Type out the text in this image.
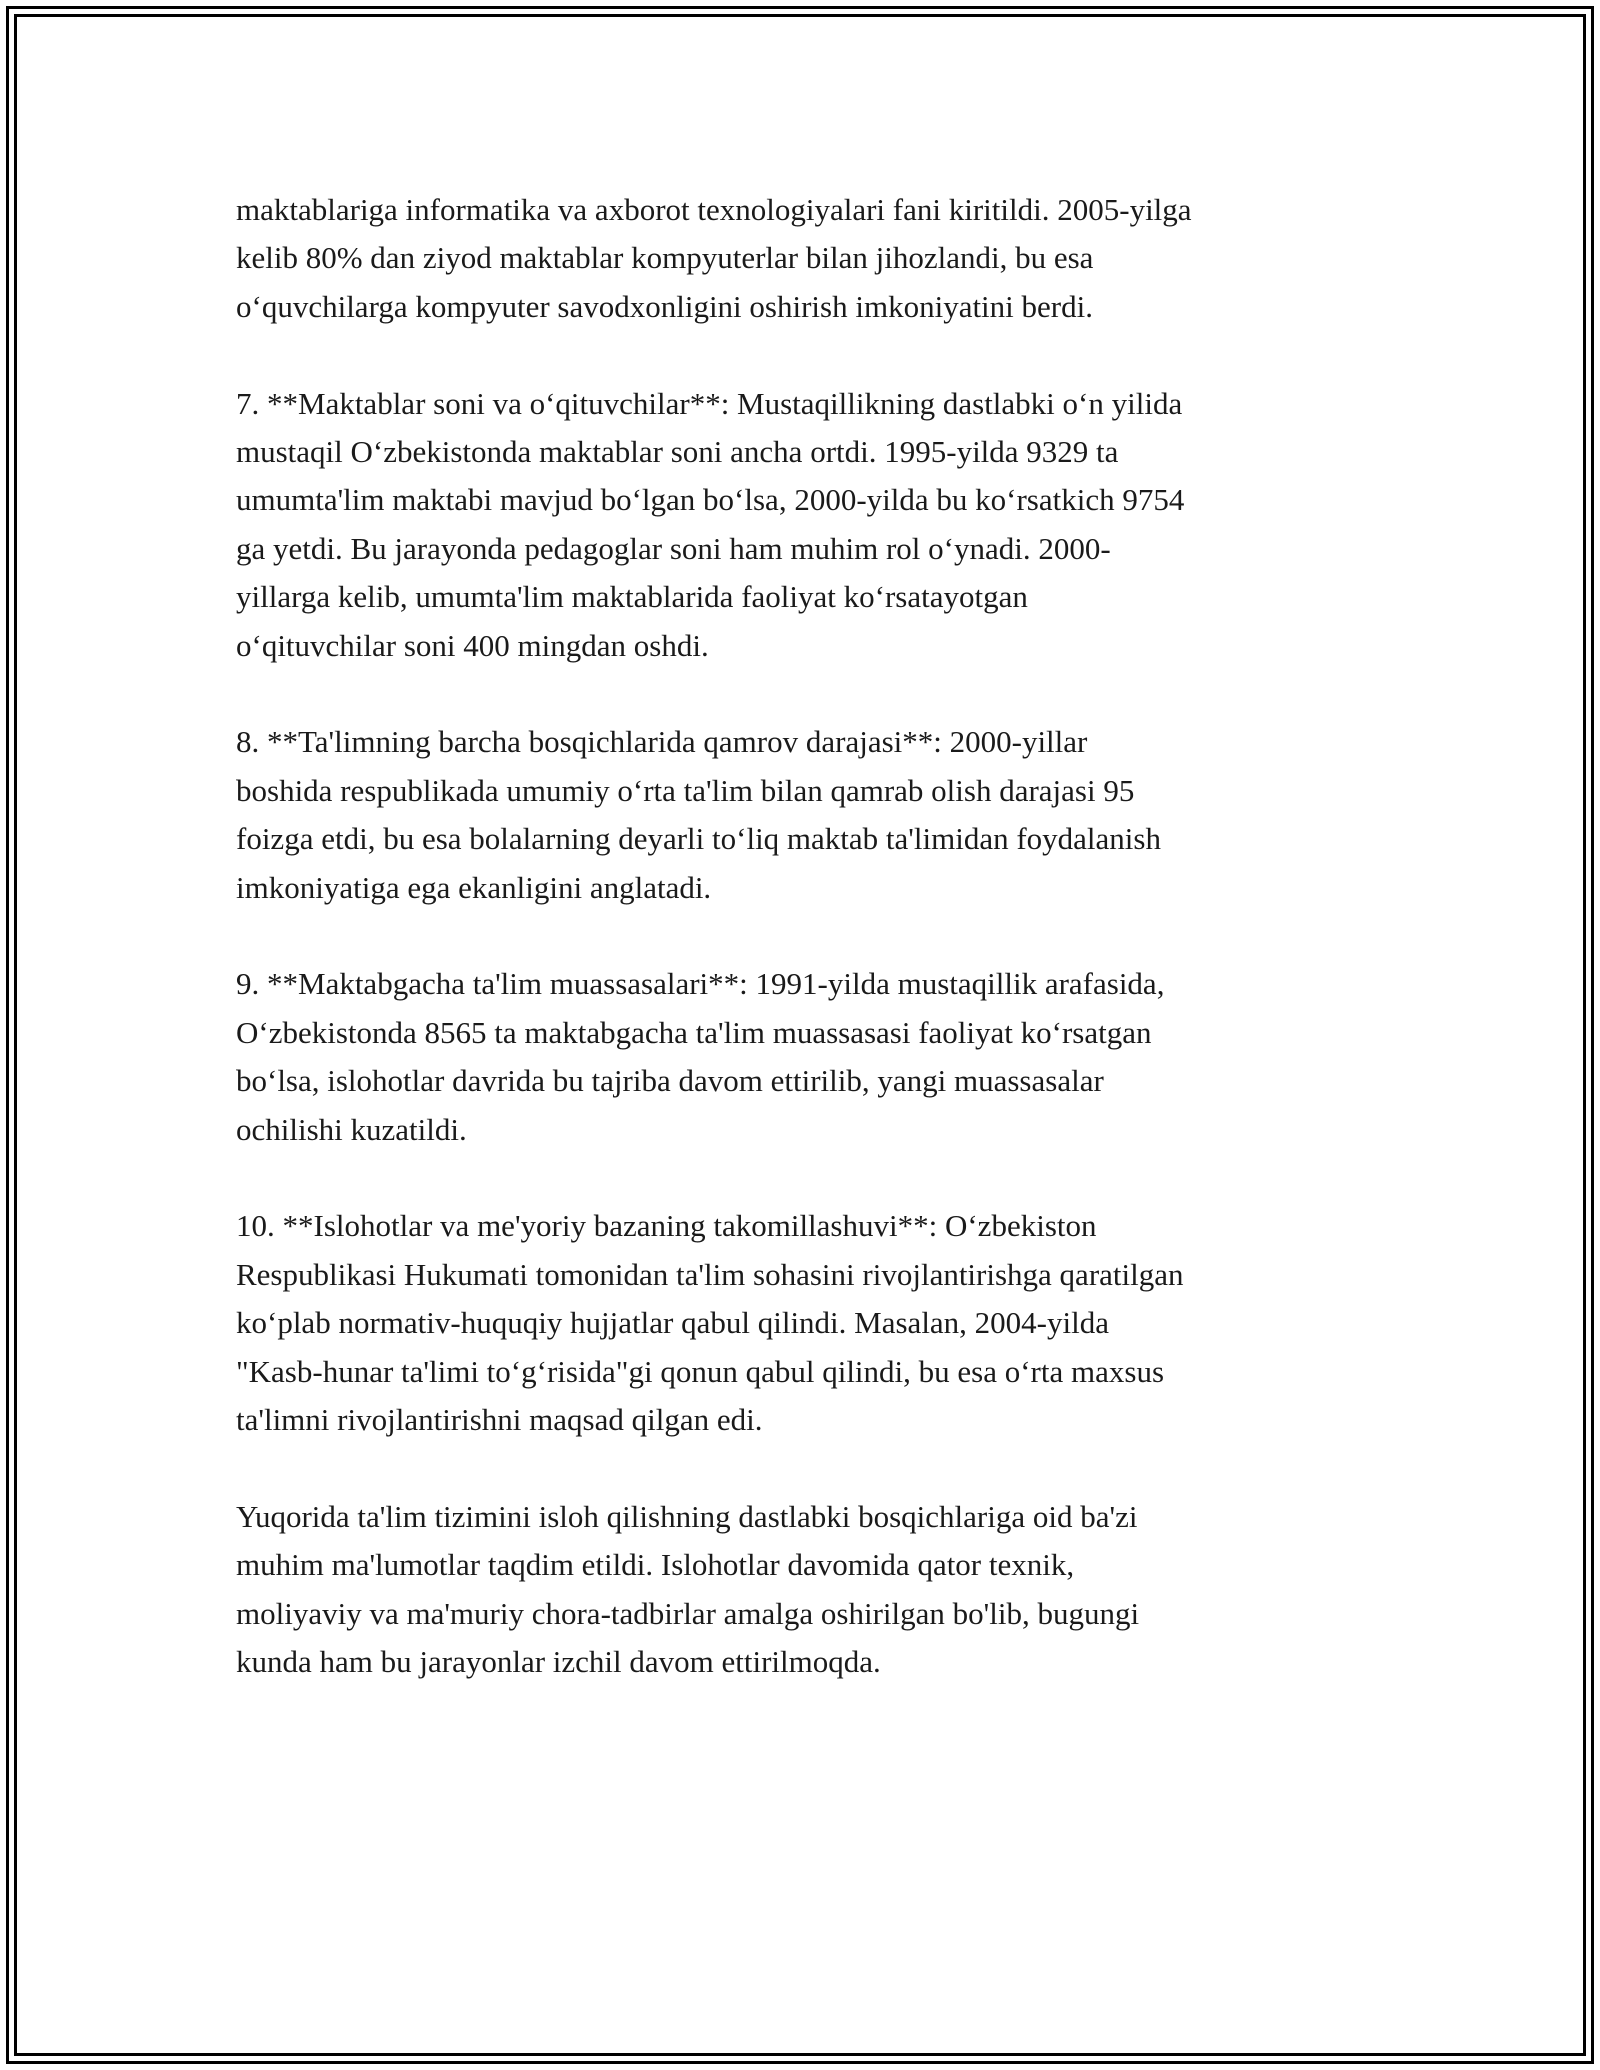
maktablariga informatika va axborot texnologiyalari fani kiritildi. 2005-yilga
kelib 80% dan ziyod maktablar kompyuterlar bilan jihozlandi, bu esa
oʻquvchilarga kompyuter savodxonligini oshirish imkoniyatini berdi.

7. **Maktablar soni va oʻqituvchilar**: Mustaqillikning dastlabki oʻn yilida
mustaqil Oʻzbekistonda maktablar soni ancha ortdi. 1995-yilda 9329 ta
umumta'lim maktabi mavjud boʻlgan boʻlsa, 2000-yilda bu koʻrsatkich 9754
ga yetdi. Bu jarayonda pedagoglar soni ham muhim rol oʻynadi. 2000-
yillarga kelib, umumta'lim maktablarida faoliyat koʻrsatayotgan
oʻqituvchilar soni 400 mingdan oshdi.

8. **Ta'limning barcha bosqichlarida qamrov darajasi**: 2000-yillar
boshida respublikada umumiy oʻrta ta'lim bilan qamrab olish darajasi 95
foizga etdi, bu esa bolalarning deyarli toʻliq maktab ta'limidan foydalanish
imkoniyatiga ega ekanligini anglatadi.

9. **Maktabgacha ta'lim muassasalari**: 1991-yilda mustaqillik arafasida,
Oʻzbekistonda 8565 ta maktabgacha ta'lim muassasasi faoliyat koʻrsatgan
boʻlsa, islohotlar davrida bu tajriba davom ettirilib, yangi muassasalar
ochilishi kuzatildi.

10. **Islohotlar va me'yoriy bazaning takomillashuvi**: Oʻzbekiston
Respublikasi Hukumati tomonidan ta'lim sohasini rivojlantirishga qaratilgan
koʻplab normativ-huquqiy hujjatlar qabul qilindi. Masalan, 2004-yilda
"Kasb-hunar ta'limi toʻgʻrisida"gi qonun qabul qilindi, bu esa oʻrta maxsus
ta'limni rivojlantirishni maqsad qilgan edi.

Yuqorida ta'lim tizimini isloh qilishning dastlabki bosqichlariga oid ba'zi
muhim ma'lumotlar taqdim etildi. Islohotlar davomida qator texnik,
moliyaviy va ma'muriy chora-tadbirlar amalga oshirilgan bo'lib, bugungi
kunda ham bu jarayonlar izchil davom ettirilmoqda.
